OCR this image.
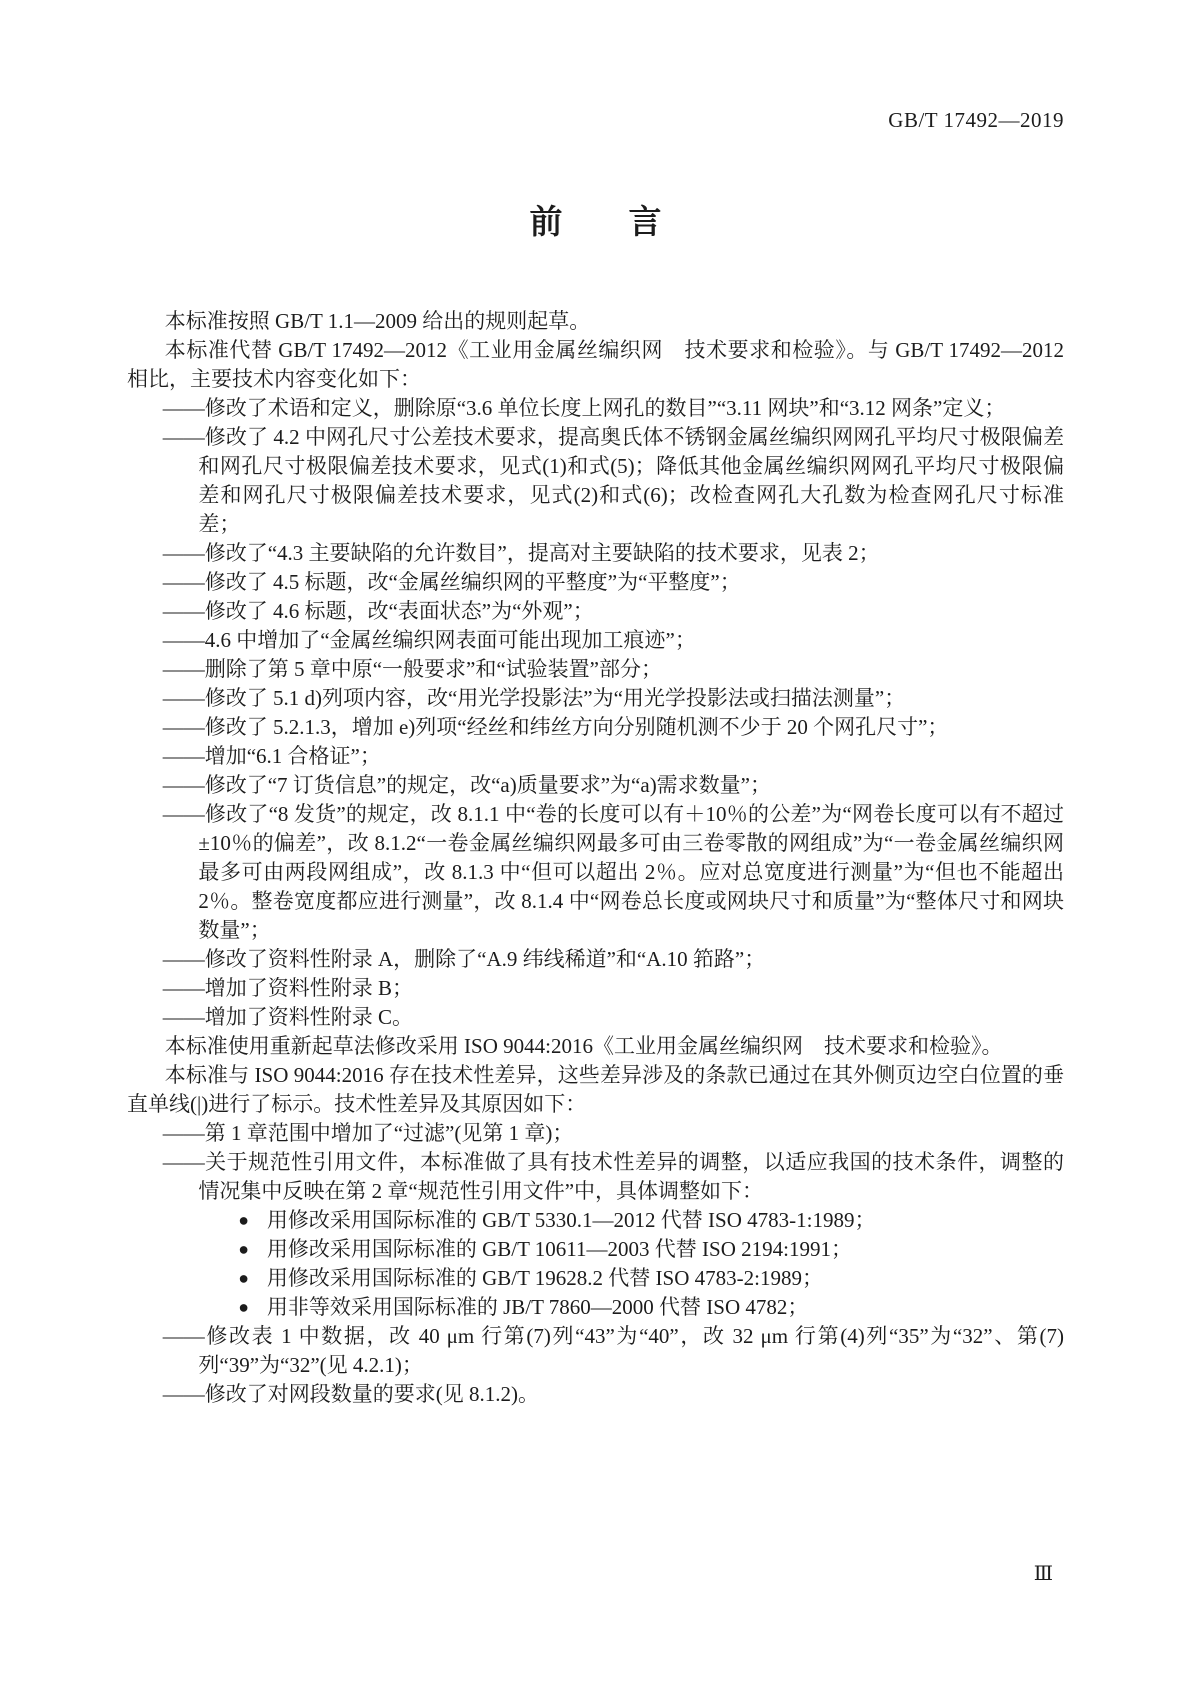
GB/T 17492—2019
前　　言

本标准按照 GB/T 1.1—2009 给出的规则起草。

本标准代替 GB/T 17492—2012《工业用金属丝编织网　技术要求和检验》。与 GB/T 17492—2012 相比，主要技术内容变化如下：

——修改了术语和定义，删除原“3.6 单位长度上网孔的数目”“3.11 网块”和“3.12 网条”定义；

——修改了 4.2 中网孔尺寸公差技术要求，提高奥氏体不锈钢金属丝编织网网孔平均尺寸极限偏差和网孔尺寸极限偏差技术要求，见式(1)和式(5)；降低其他金属丝编织网网孔平均尺寸极限偏差和网孔尺寸极限偏差技术要求，见式(2)和式(6)；改检查网孔大孔数为检查网孔尺寸标准差；

——修改了“4.3 主要缺陷的允许数目”，提高对主要缺陷的技术要求，见表 2；

——修改了 4.5 标题，改“金属丝编织网的平整度”为“平整度”；

——修改了 4.6 标题，改“表面状态”为“外观”；

——4.6 中增加了“金属丝编织网表面可能出现加工痕迹”；

——删除了第 5 章中原“一般要求”和“试验装置”部分；

——修改了 5.1 d)列项内容，改“用光学投影法”为“用光学投影法或扫描法测量”；

——修改了 5.2.1.3，增加 e)列项“经丝和纬丝方向分别随机测不少于 20 个网孔尺寸”；

——增加“6.1 合格证”；

——修改了“7 订货信息”的规定，改“a)质量要求”为“a)需求数量”；

——修改了“8 发货”的规定，改 8.1.1 中“卷的长度可以有＋10％的公差”为“网卷长度可以有不超过±10％的偏差”，改 8.1.2“一卷金属丝编织网最多可由三卷零散的网组成”为“一卷金属丝编织网最多可由两段网组成”，改 8.1.3 中“但可以超出 2％。应对总宽度进行测量”为“但也不能超出 2％。整卷宽度都应进行测量”，改 8.1.4 中“网卷总长度或网块尺寸和质量”为“整体尺寸和网块数量”；

——修改了资料性附录 A，删除了“A.9 纬线稀道”和“A.10 筘路”；

——增加了资料性附录 B；

——增加了资料性附录 C。

本标准使用重新起草法修改采用 ISO 9044:2016《工业用金属丝编织网　技术要求和检验》。

本标准与 ISO 9044:2016 存在技术性差异，这些差异涉及的条款已通过在其外侧页边空白位置的垂直单线(|)进行了标示。技术性差异及其原因如下：

——第 1 章范围中增加了“过滤”(见第 1 章)；

——关于规范性引用文件，本标准做了具有技术性差异的调整，以适应我国的技术条件，调整的情况集中反映在第 2 章“规范性引用文件”中，具体调整如下：

● 用修改采用国际标准的 GB/T 5330.1—2012 代替 ISO 4783-1:1989；

● 用修改采用国际标准的 GB/T 10611—2003 代替 ISO 2194:1991；

● 用修改采用国际标准的 GB/T 19628.2 代替 ISO 4783-2:1989；

● 用非等效采用国际标准的 JB/T 7860—2000 代替 ISO 4782；

——修改表 1 中数据，改 40 μm 行第(7)列“43”为“40”，改 32 μm 行第(4)列“35”为“32”、第(7)列“39”为“32”(见 4.2.1)；

——修改了对网段数量的要求(见 8.1.2)。

Ⅲ
